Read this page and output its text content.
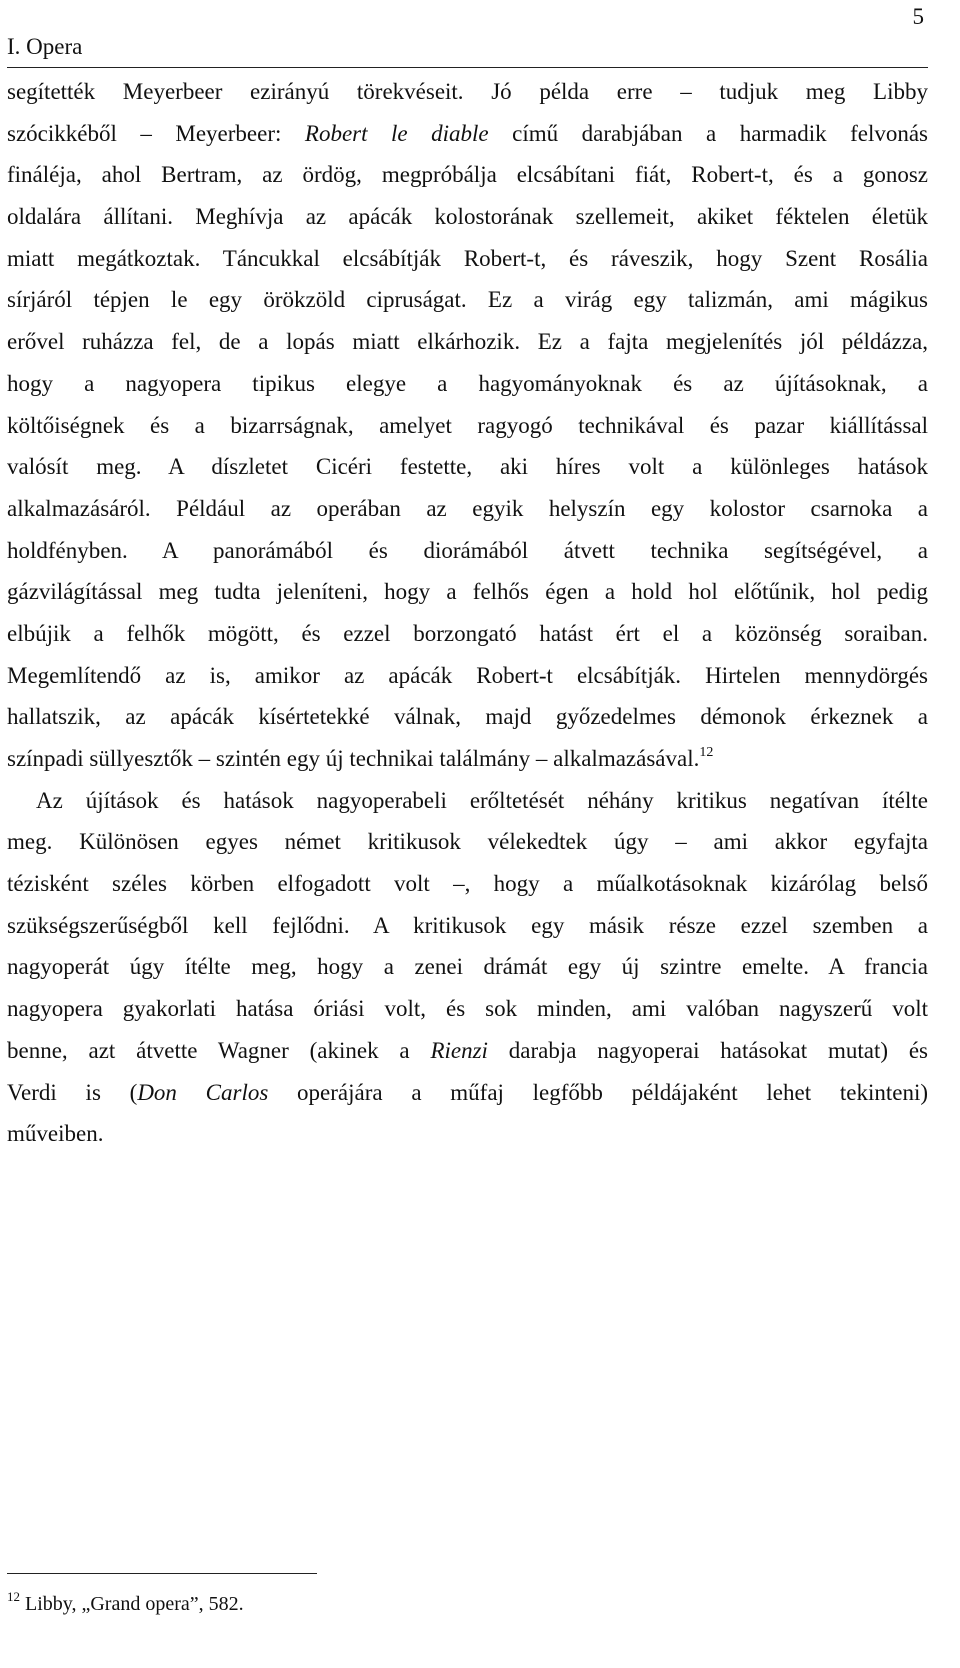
I. Opera
5
segítették Meyerbeer ezirányú törekvéseit. Jó példa erre – tudjuk meg Libby
szócikkéből – Meyerbeer: Robert le diable című darabjában a harmadik felvonás
fináléja, ahol Bertram, az ördög, megpróbálja elcsábítani fiát, Robert-t, és a gonosz
oldalára állítani. Meghívja az apácák kolostorának szellemeit, akiket féktelen életük
miatt megátkoztak. Táncukkal elcsábítják Robert-t, és ráveszik, hogy Szent Rosália
sírjáról tépjen le egy örökzöld cipruságat. Ez a virág egy talizmán, ami mágikus
erővel ruházza fel, de a lopás miatt elkárhozik. Ez a fajta megjelenítés jól példázza,
hogy a nagyopera tipikus elegye a hagyományoknak és az újításoknak, a
költőiségnek és a bizarrságnak, amelyet ragyogó technikával és pazar kiállítással
valósít meg. A díszletet Cicéri festette, aki híres volt a különleges hatások
alkalmazásáról. Például az operában az egyik helyszín egy kolostor csarnoka a
holdfényben. A panorámából és diorámából átvett technika segítségével, a
gázvilágítással meg tudta jeleníteni, hogy a felhős égen a hold hol előtűnik, hol pedig
elbújik a felhők mögött, és ezzel borzongató hatást ért el a közönség soraiban.
Megemlítendő az is, amikor az apácák Robert-t elcsábítják. Hirtelen mennydörgés
hallatszik, az apácák kísértetekké válnak, majd győzedelmes démonok érkeznek a
színpadi süllyesztők – szintén egy új technikai találmány – alkalmazásával.$^{12}$
Az újítások és hatások nagyoperabeli erőltetését néhány kritikus negatívan ítélte
meg. Különösen egyes német kritikusok vélekedtek úgy – ami akkor egyfajta
tézisként széles körben elfogadott volt –, hogy a műalkotásoknak kizárólag belső
szükségszerűségből kell fejlődni. A kritikusok egy másik része ezzel szemben a
nagyoperát úgy ítélte meg, hogy a zenei drámát egy új szintre emelte. A francia
nagyopera gyakorlati hatása óriási volt, és sok minden, ami valóban nagyszerű volt
benne, azt átvette Wagner (akinek a Rienzi darabja nagyoperai hatásokat mutat) és
Verdi is (Don Carlos operájára a műfaj legfőbb példájaként lehet tekinteni)
műveiben.
$^{12}$ Libby, „Grand opera”, 582.
